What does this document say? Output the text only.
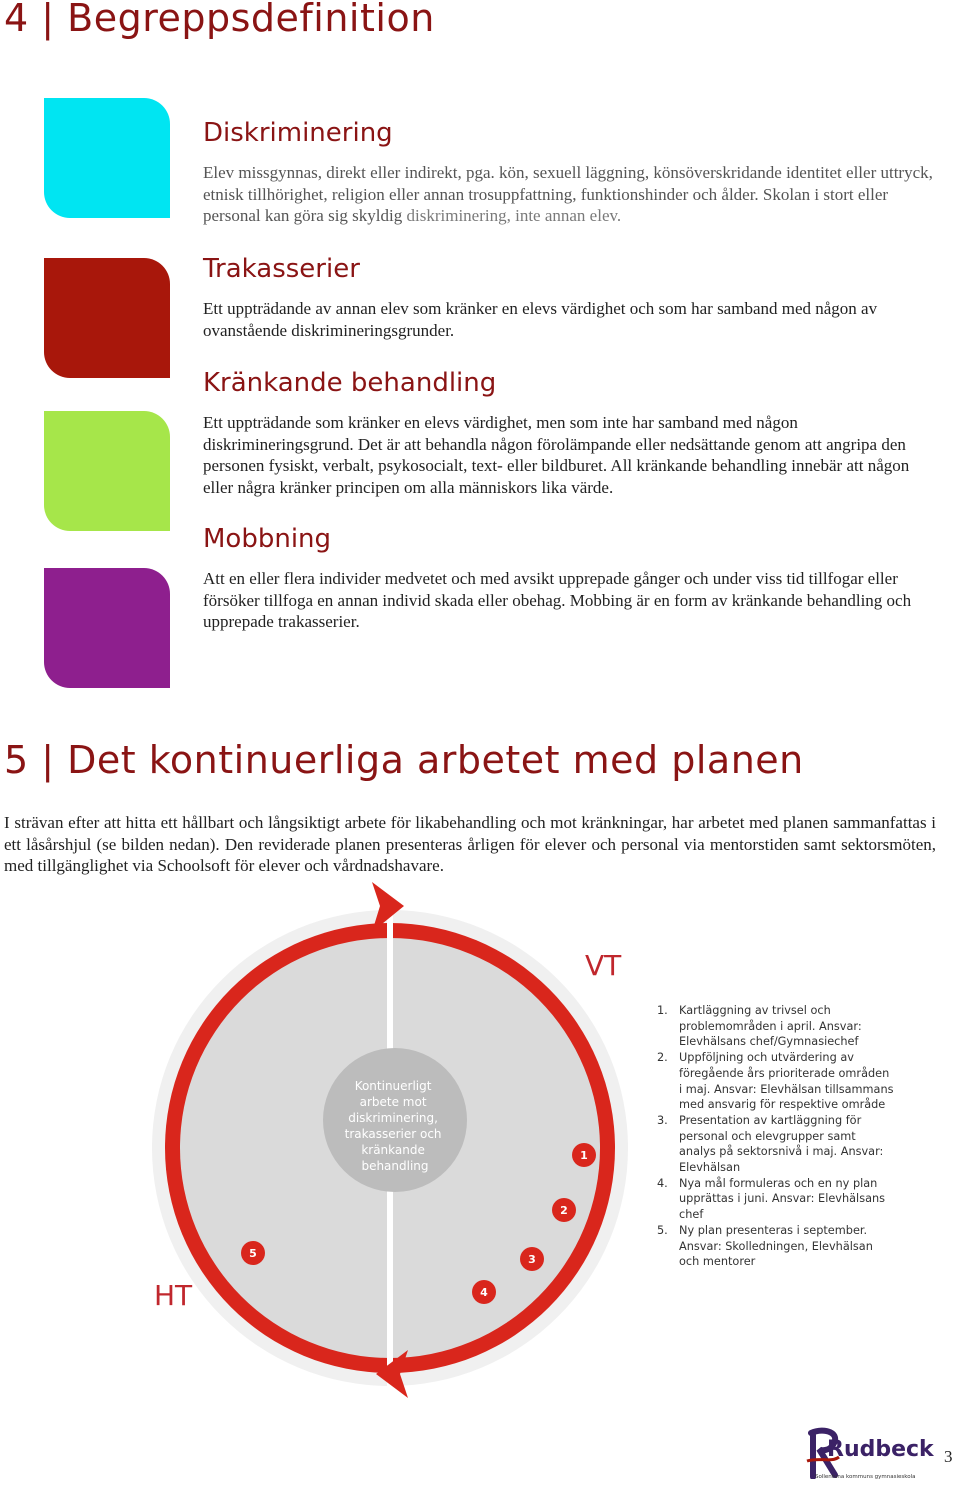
4 | Begreppsdefinition
Diskriminering

Elev missgynnas, direkt eller indirekt, pga. kön, sexuell läggning, könsöverskridande identitet eller uttryck, etnisk tillhörighet, religion eller annan trosuppfattning, funktionshinder och ålder. Skolan i stort eller personal kan göra sig skyldig diskriminering, inte annan elev.

Trakasserier

Ett uppträdande av annan elev som kränker en elevs värdighet och som har samband med någon av ovanstående diskrimineringsgrunder.

Kränkande behandling

Ett uppträdande som kränker en elevs värdighet, men som inte har samband med någon diskrimineringsgrund. Det är att behandla någon förolämpande eller nedsättande genom att angripa den personen fysiskt, verbalt, psykosocialt, text- eller bildburet. All kränkande behandling innebär att någon eller några kränker principen om alla människors lika värde.

Mobbning

Att en eller flera individer medvetet och med avsikt upprepade gånger och under viss tid tillfogar eller försöker tillfoga en annan individ skada eller obehag. Mobbing är en form av kränkande behandling och upprepade trakasserier.

5 | Det kontinuerliga arbetet med planen

I strävan efter att hitta ett hållbart och långsiktigt arbete för likabehandling och mot kränkningar, har arbetet med planen sammanfattas i ett låsårshjul (se bilden nedan). Den reviderade planen presenteras årligen för elever och personal via mentorstiden samt sektorsmöten, med tillgänglighet via Schoolsoft för elever och vårdnadshavare.

Kontinuerligt arbete mot diskriminering, trakasserier och kränkande behandling
VT
HT
1
2
3
4
5
1. Kartläggning av trivsel och problemområden i april. Ansvar: Elevhälsans chef/Gymnasiechef
2. Uppföljning och utvärdering av föregående års prioriterade områden i maj. Ansvar: Elevhälsan tillsammans med ansvarig för respektive område
3. Presentation av kartläggning för personal och elevgrupper samt analys på sektorsnivå i maj. Ansvar: Elevhälsan
4. Nya mål formuleras och en ny plan upprättas i juni. Ansvar: Elevhälsans chef
5. Ny plan presenteras i september. Ansvar: Skolledningen, Elevhälsan och mentorer
Rudbeck
Sollentuna kommuns gymnasieskola
3
